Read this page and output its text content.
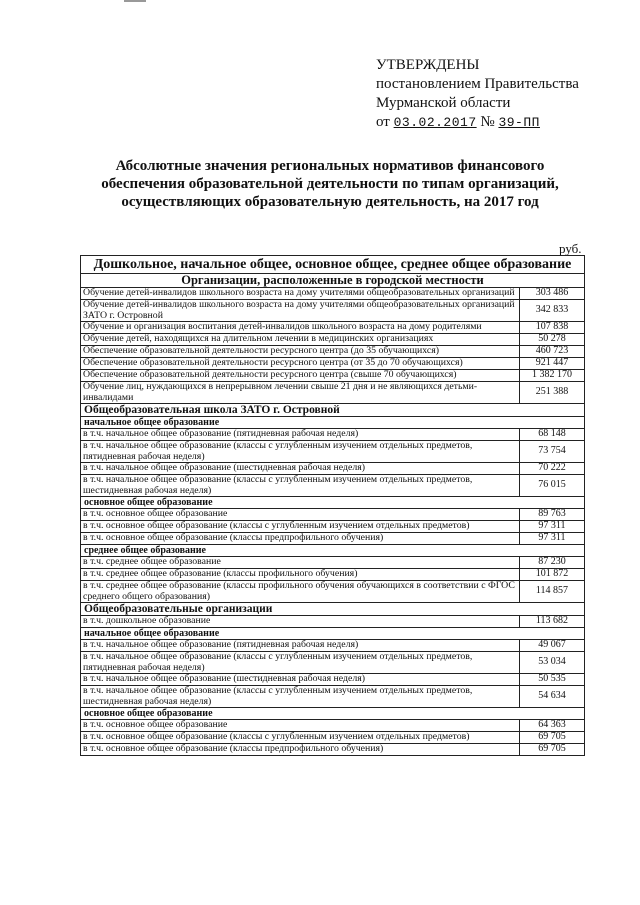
УТВЕРЖДЕНЫ
постановлением Правительства
Мурманской области
от 03.02.2017 № 39-ПП
Абсолютные значения региональных нормативов финансового обеспечения образовательной деятельности по типам организаций, осуществляющих образовательную деятельность, на 2017 год
руб.
Дошкольное, начальное общее, основное общее, среднее общее образование	
Организации, расположенные в городской местности	
Обучение детей-инвалидов школьного возраста на дому учителями общеобразовательных организаций	303 486
Обучение детей-инвалидов школьного возраста на дому учителями общеобразовательных организаций ЗАТО г. Островной	342 833
Обучение и организация воспитания детей-инвалидов школьного возраста на дому родителями	107 838
Обучение детей, находящихся на длительном лечении в медицинских организациях	50 278
Обеспечение образовательной деятельности ресурсного центра (до 35 обучающихся)	460 723
Обеспечение образовательной деятельности ресурсного центра (от 35 до 70 обучающихся)	921 447
Обеспечение образовательной деятельности ресурсного центра (свыше 70 обучающихся)	1 382 170
Обучение лиц, нуждающихся в непрерывном лечении свыше 21 дня и не являющихся детьми-инвалидами	251 388
Общеобразовательная школа ЗАТО г. Островной	
начальное общее образование	
в т.ч. начальное общее образование (пятидневная рабочая неделя)	68 148
в т.ч. начальное общее образование (классы с углубленным изучением отдельных предметов, пятидневная рабочая неделя)	73 754
в т.ч. начальное общее образование (шестидневная рабочая неделя)	70 222
в т.ч. начальное общее образование (классы с углубленным изучением отдельных предметов, шестидневная рабочая неделя)	76 015
основное общее образование	
в т.ч. основное общее образование	89 763
в т.ч. основное общее образование (классы с углубленным изучением отдельных предметов)	97 311
в т.ч. основное общее образование (классы предпрофильного обучения)	97 311
среднее общее образование	
в т.ч. среднее общее образование	87 230
в т.ч. среднее общее образование (классы профильного обучения)	101 872
в т.ч. среднее общее образование (классы профильного обучения обучающихся в соответствии с ФГОС среднего общего образования)	114 857
Общеобразовательные организации	
в т.ч. дошкольное образование	113 682
начальное общее образование	
в т.ч. начальное общее образование (пятидневная рабочая неделя)	49 067
в т.ч. начальное общее образование (классы с углубленным изучением отдельных предметов, пятидневная рабочая неделя)	53 034
в т.ч. начальное общее образование (шестидневная рабочая неделя)	50 535
в т.ч. начальное общее образование (классы с углубленным изучением отдельных предметов, шестидневная рабочая неделя)	54 634
основное общее образование	
в т.ч. основное общее образование	64 363
в т.ч. основное общее образование (классы с углубленным изучением отдельных предметов)	69 705
в т.ч. основное общее образование (классы предпрофильного обучения)	69 705
